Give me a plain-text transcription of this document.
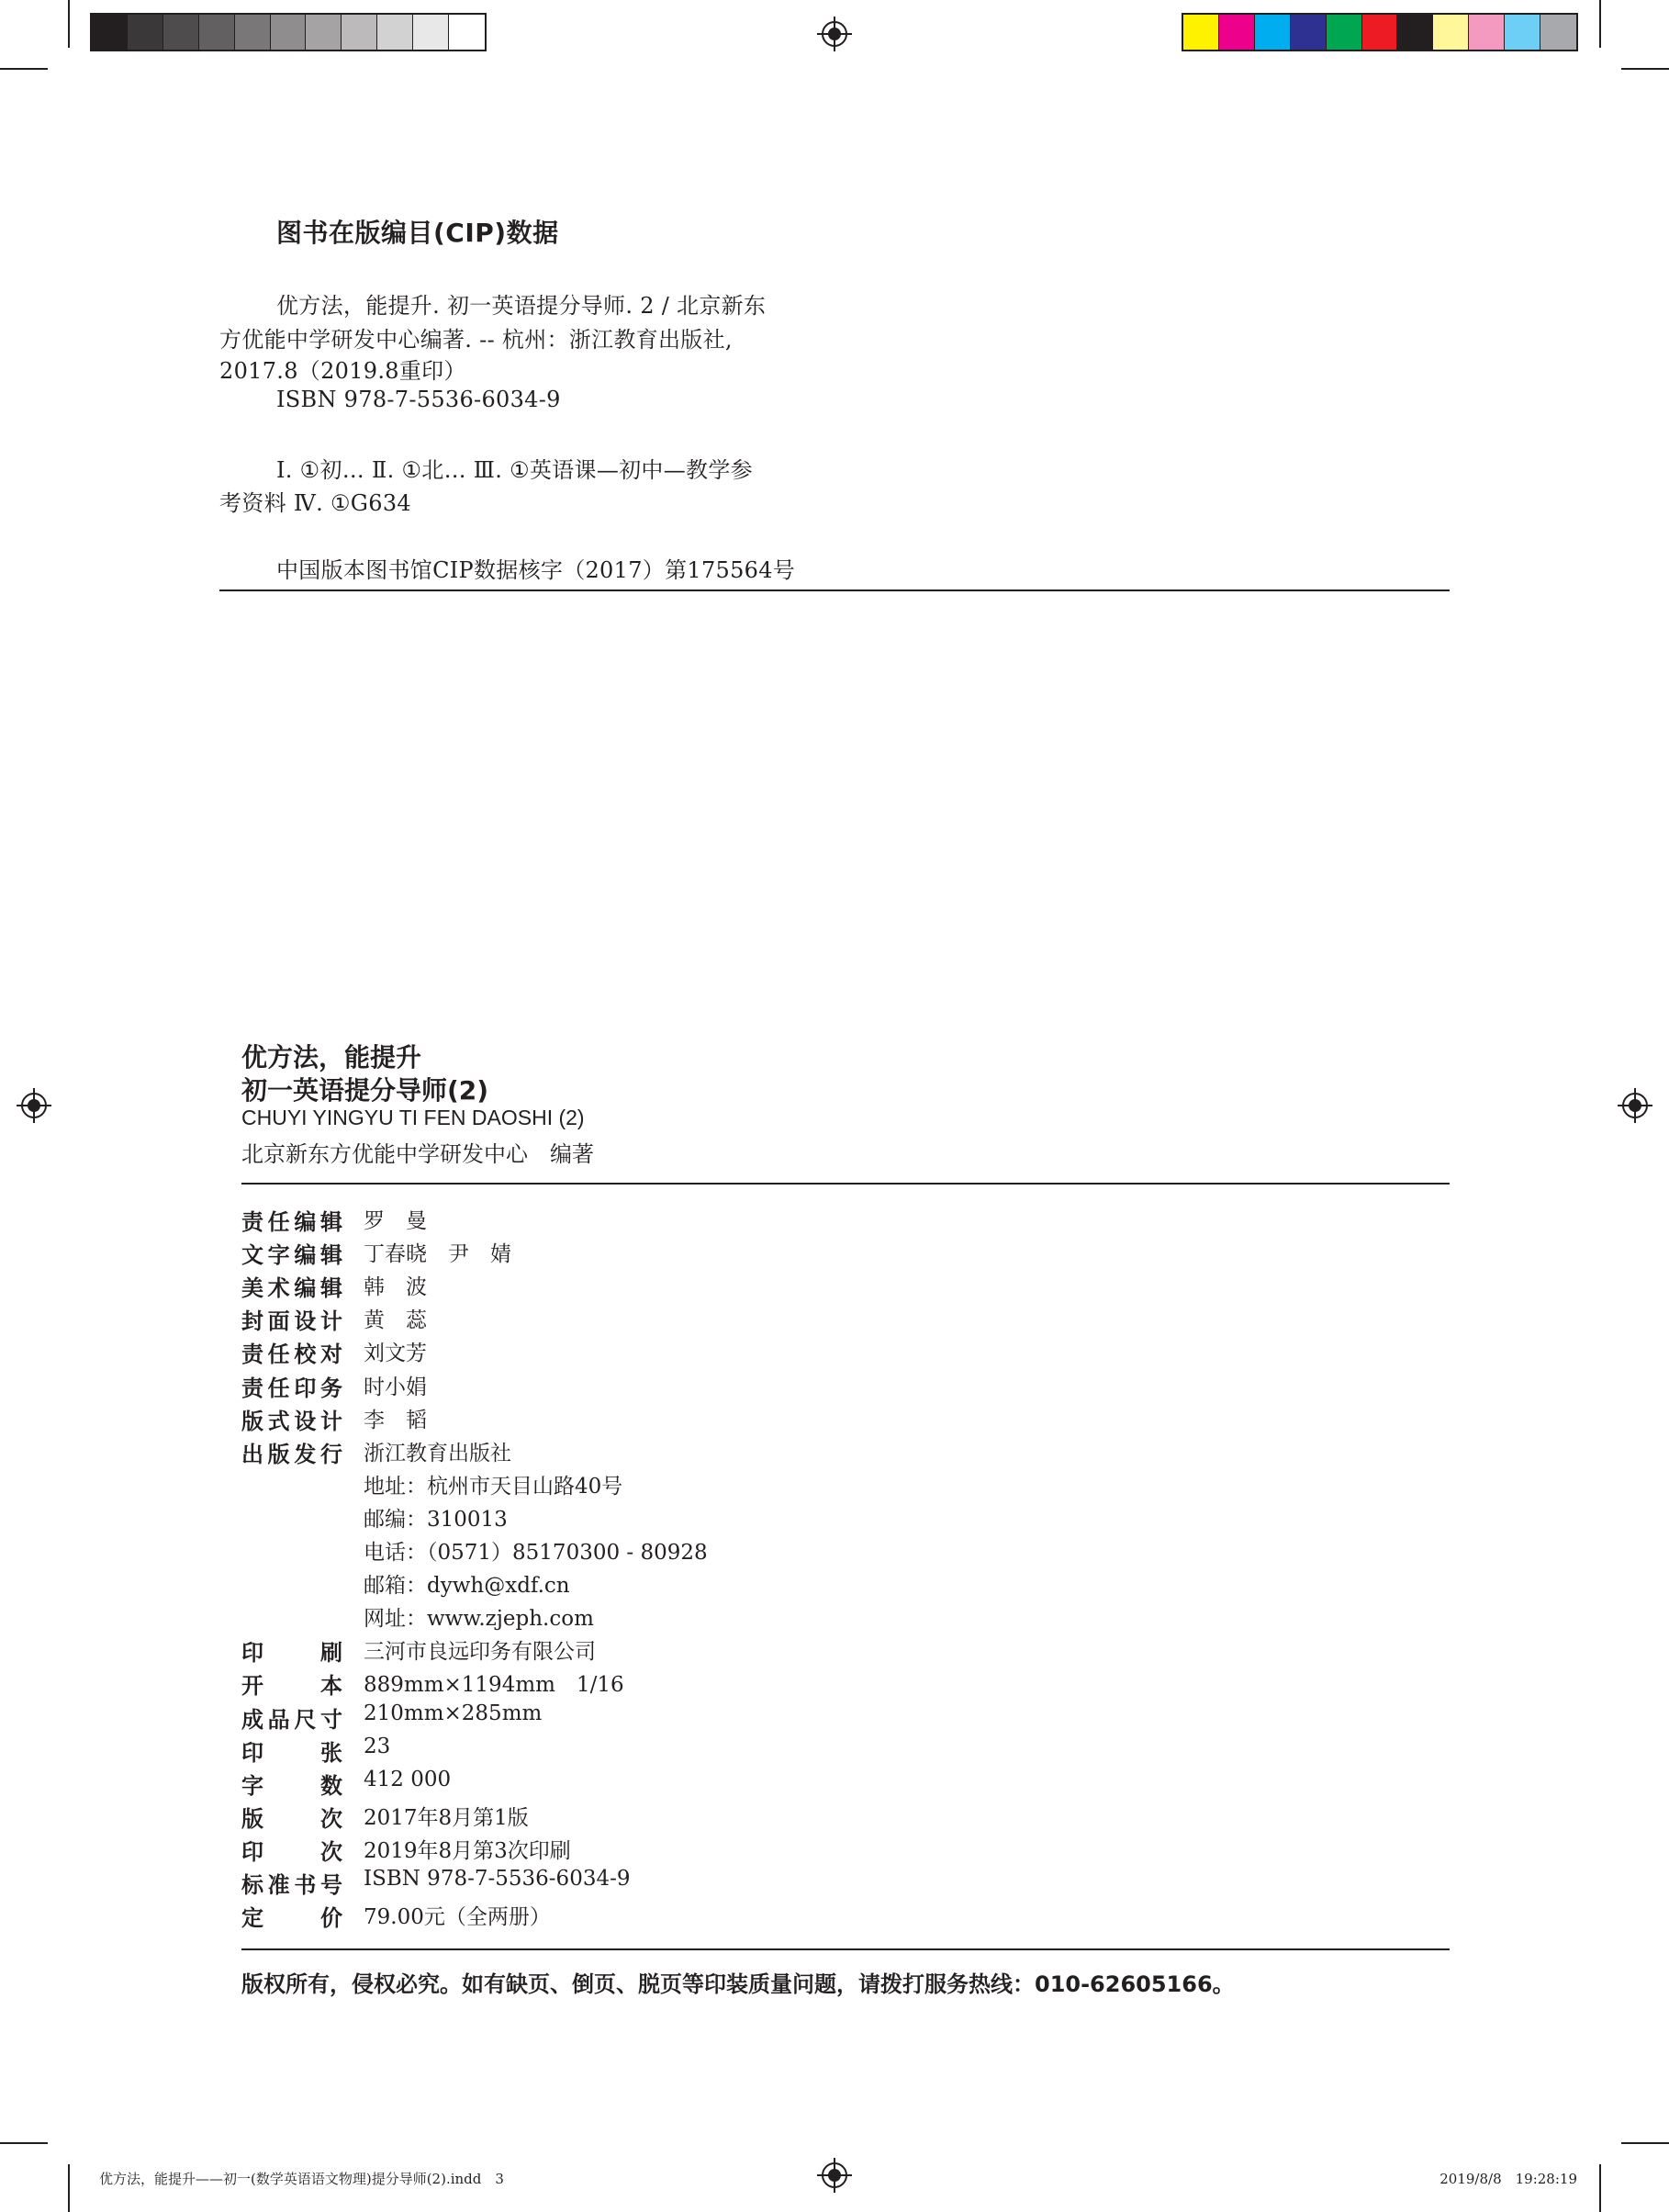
图书在版编目(CIP)数据
优方法，能提升. 初一英语提分导师. 2 / 北京新东
方优能中学研发中心编著. -- 杭州：浙江教育出版社,
2017.8（2019.8重印）
ISBN 978-7-5536-6034-9
Ⅰ. ①初… Ⅱ. ①北… Ⅲ. ①英语课—初中—教学参
考资料 Ⅳ. ①G634
中国版本图书馆CIP数据核字（2017）第175564号
优方法，能提升
初一英语提分导师(2)
CHUYI YINGYU TI FEN DAOSHI (2)
北京新东方优能中学研发中心　编著
责任编辑 罗　曼
文字编辑 丁春晓　尹　婧
美术编辑 韩　波
封面设计 黄　蕊
责任校对 刘文芳
责任印务 时小娟
版式设计 李　韬
出版发行 浙江教育出版社
地址：杭州市天目山路40号
邮编：310013
电话：（0571）85170300 - 80928
邮箱：dywh@xdf.cn
网址：www.zjeph.com
印刷 三河市良远印务有限公司
开本 889mm×1194mm　1/16
成品尺寸 210mm×285mm
印张 23
字数 412 000
版次 2017年8月第1版
印次 2019年8月第3次印刷
标准书号 ISBN 978-7-5536-6034-9
定价 79.00元（全两册）
版权所有，侵权必究。如有缺页、倒页、脱页等印装质量问题，请拨打服务热线：010-62605166。
优方法，能提升——初一(数学英语语文物理)提分导师(2).indd　3	2019/8/8　19:28:19
